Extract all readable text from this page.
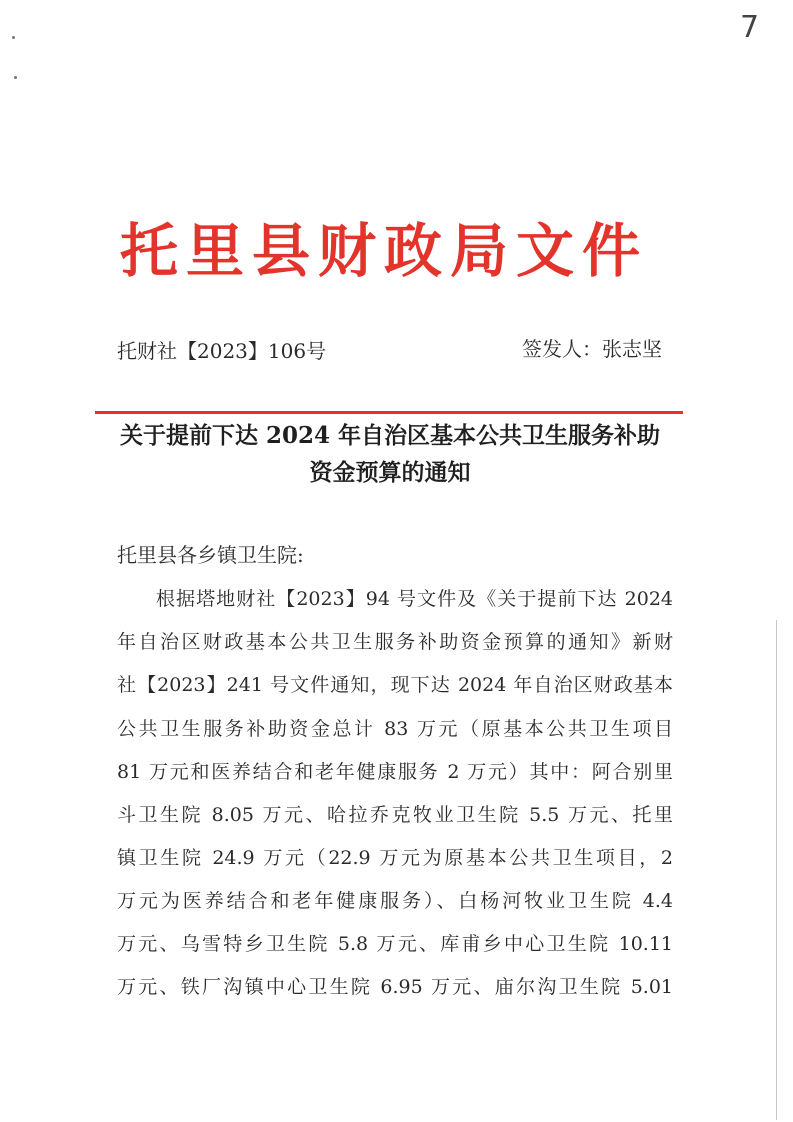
7
托里县财政局文件
托财社【2023】106号	签发人：张志坚
关于提前下达 2024 年自治区基本公共卫生服务补助
资金预算的通知
托里县各乡镇卫生院:
根据塔地财社【2023】94 号文件及《关于提前下达 2024
年自治区财政基本公共卫生服务补助资金预算的通知》新财
社【2023】241 号文件通知，现下达 2024 年自治区财政基本
公共卫生服务补助资金总计 83 万元（原基本公共卫生项目
81 万元和医养结合和老年健康服务 2 万元）其中：阿合别里
斗卫生院 8.05 万元、哈拉乔克牧业卫生院 5.5 万元、托里
镇卫生院 24.9 万元（22.9 万元为原基本公共卫生项目，2
万元为医养结合和老年健康服务）、白杨河牧业卫生院 4.4
万元、乌雪特乡卫生院 5.8 万元、库甫乡中心卫生院 10.11
万元、铁厂沟镇中心卫生院 6.95 万元、庙尔沟卫生院 5.01
